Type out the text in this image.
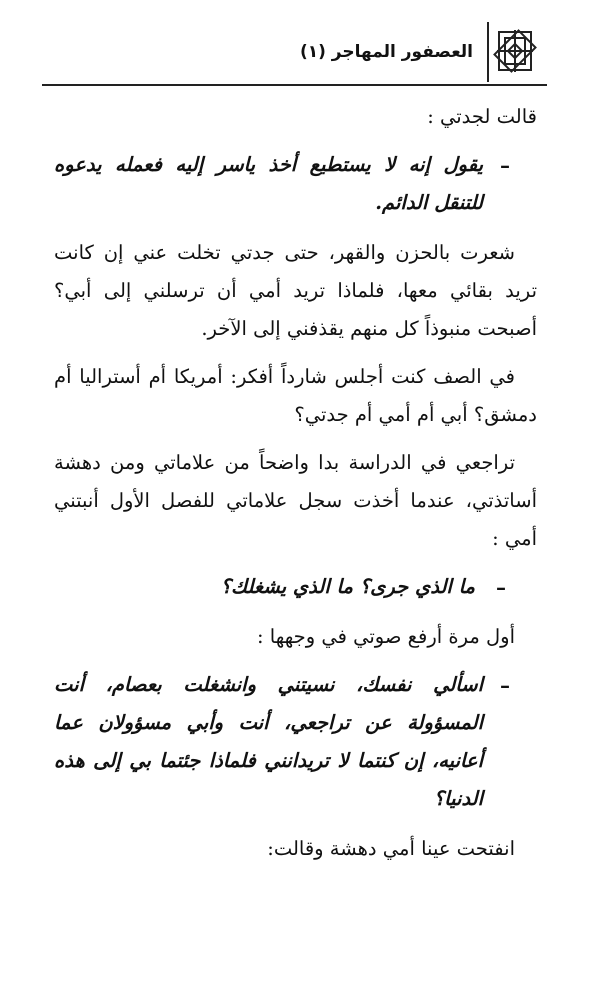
العصفور المهاجر (١)

قالت لجدتي :

–
يقول إنه لا يستطيع أخذ ياسر إليه فعمله يدعوه للتنقل الدائم.

شعرت بالحزن والقهر، حتى جدتي تخلت عني إن كانت تريد بقائي معها، فلماذا تريد أمي أن ترسلني إلى أبي؟ أصبحت منبوذاً كل منهم يقذفني إلى الآخر.

في الصف كنت أجلس شارداً أفكر: أمريكا أم أستراليا أم دمشق؟ أبي أم أمي أم جدتي؟

تراجعي في الدراسة بدا واضحاً من علاماتي ومن دهشة أساتذتي، عندما أخذت سجل علاماتي للفصل الأول أنبتني أمي :

–
ما الذي جرى؟ ما الذي يشغلك؟

أول مرة أرفع صوتي في وجهها :

–
اسألي نفسك، نسيتني وانشغلت بعصام، أنت المسؤولة عن تراجعي، أنت وأبي مسؤولان عما أعانيه، إن كنتما لا تريدانني فلماذا جئتما بي إلى هذه الدنيا؟

انفتحت عينا أمي دهشة وقالت:
